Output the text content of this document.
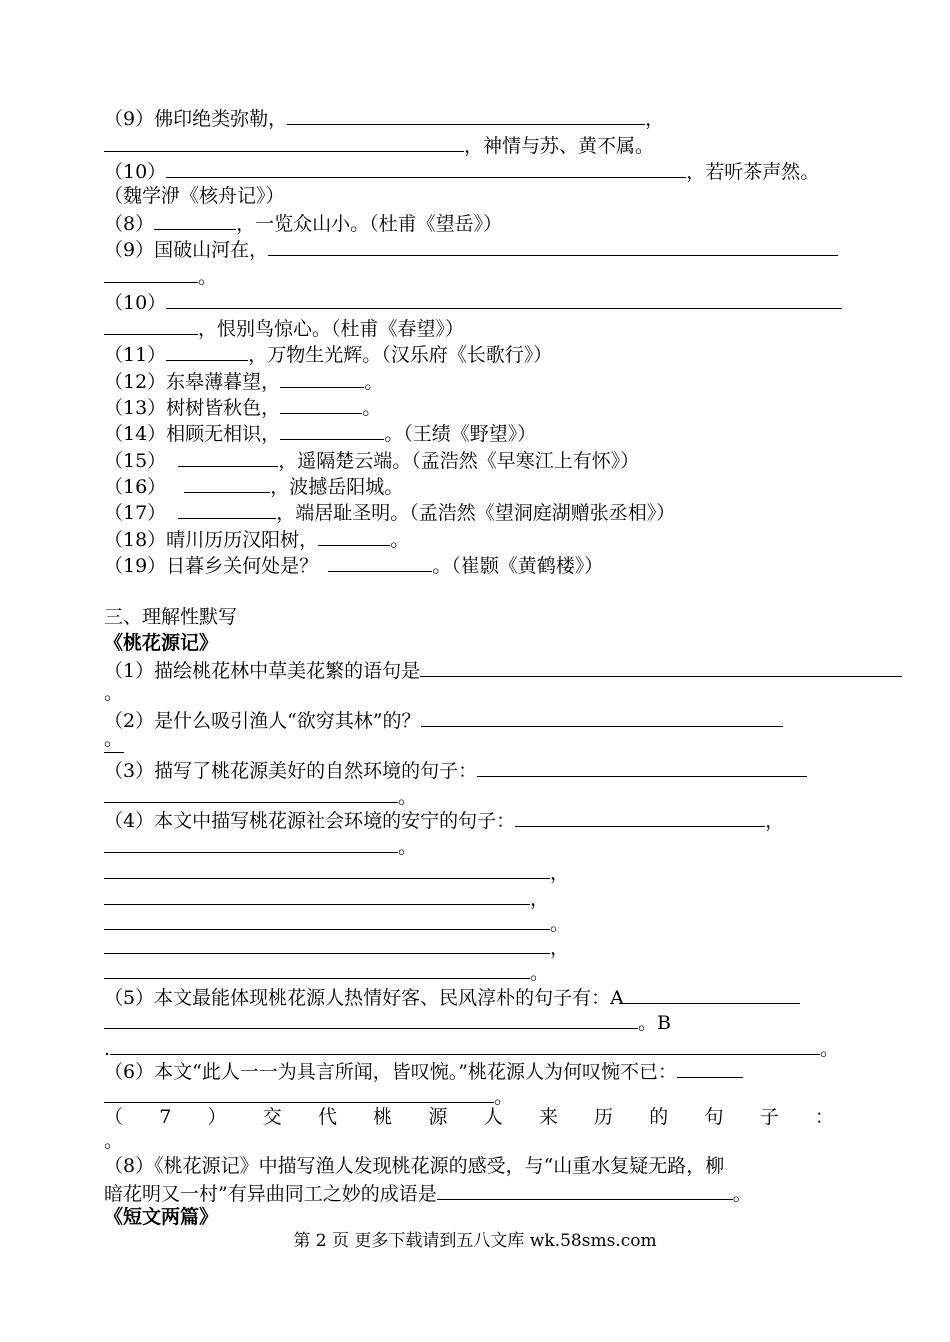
（9）佛印绝类弥勒，	，
，神情与苏、黄不属。
（10）	，若听茶声然。
（魏学洢《核舟记》）
（8）	，一览众山小。（杜甫《望岳》）
（9）国破山河在，
。
（10）
，恨别鸟惊心。（杜甫《春望》）
（11）	，万物生光辉。（汉乐府《长歌行》）
（12）东皋薄暮望，	。
（13）树树皆秋色，	。
（14）相顾无相识，	。（王绩《野望》）
（15）	，遥隔楚云端。（孟浩然《早寒江上有怀》）
（16）	，波撼岳阳城。
（17）	，端居耻圣明。（孟浩然《望洞庭湖赠张丞相》）
（18）晴川历历汉阳树，	。
（19）日暮乡关何处是？	。（崔颢《黄鹤楼》）
三、理解性默写
《桃花源记》
（1）描绘桃花林中草美花繁的语句是
。
（2）是什么吸引渔人“欲穷其林”的？
。
（3）描写了桃花源美好的自然环境的句子：
。
（4）本文中描写桃花源社会环境的安宁的句子：	，
。
，
，
。
，
。
（5）本文最能体现桃花源人热情好客、民风淳朴的句子有：A
。B
.	。
（6）本文“此人一一为具言所闻，皆叹惋。”桃花源人为何叹惋不已：
。
（ 7 ） 交 代 桃 源 人 来 历 的 句 子 ：
。
（8）《桃花源记》中描写渔人发现桃花源的感受，与“山重水复疑无路，柳
暗花明又一村”有异曲同工之妙的成语是	。
《短文两篇》
第 2 页 更多下载请到五八文库 wk.58sms.com
